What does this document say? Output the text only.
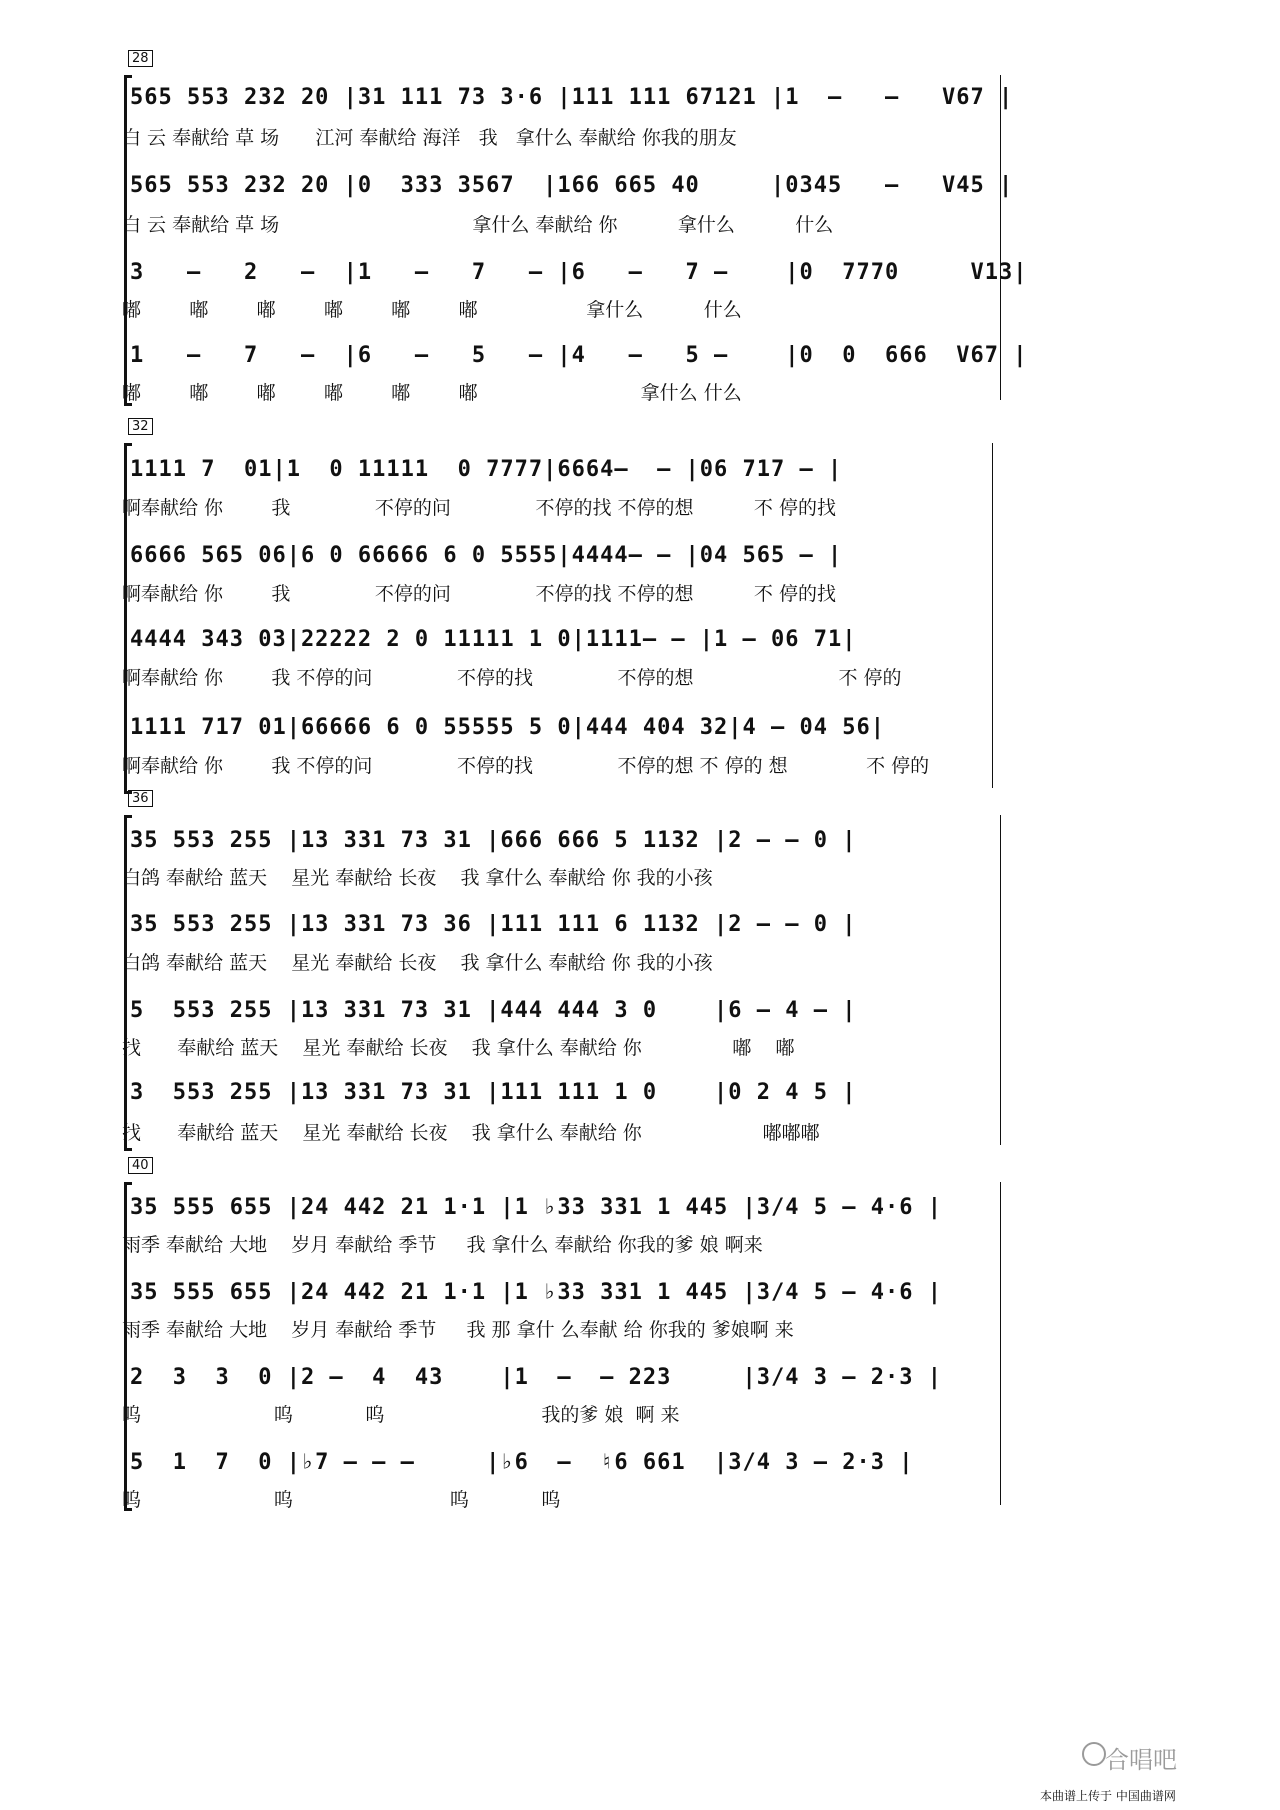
28
565 553 232 20 |31 111 73 3·6 |111 111 67121 |1  –   –   V67 |
白 云 奉献给 草 场      江河 奉献给 海洋   我   拿什么 奉献给 你我的朋友
565 553 232 20 |0  333 3567  |166 665 40     |0345   –   V45 |
白 云 奉献给 草 场                                拿什么 奉献给 你          拿什么          什么
3   –   2   –  |1   –   7   – |6   –   7 –    |0  7770     V13|
嘟        嘟        嘟        嘟        嘟        嘟                  拿什么          什么
1   –   7   –  |6   –   5   – |4   –   5 –    |0  0  666  V67 |
嘟        嘟        嘟        嘟        嘟        嘟                           拿什么 什么
32
1111 7  01|1  0 11111  0 7777|6664–  – |06 717 – |
啊奉献给 你        我              不停的问              不停的找 不停的想          不 停的找
6666 565 06|6 0 66666 6 0 5555|4444– – |04 565 – |
啊奉献给 你        我              不停的问              不停的找 不停的想          不 停的找
4444 343 03|22222 2 0 11111 1 0|1111– – |1 – 06 71|
啊奉献给 你        我 不停的问              不停的找              不停的想                        不 停的
1111 717 01|66666 6 0 55555 5 0|444 404 32|4 – 04 56|
啊奉献给 你        我 不停的问              不停的找              不停的想 不 停的 想             不 停的
36
35 553 255 |13 331 73 31 |666 666 5 1132 |2 – – 0 |
白鸽 奉献给 蓝天    星光 奉献给 长夜    我 拿什么 奉献给 你 我的小孩
35 553 255 |13 331 73 36 |111 111 6 1132 |2 – – 0 |
白鸽 奉献给 蓝天    星光 奉献给 长夜    我 拿什么 奉献给 你 我的小孩
5  553 255 |13 331 73 31 |444 444 3 0    |6 – 4 – |
找      奉献给 蓝天    星光 奉献给 长夜    我 拿什么 奉献给 你               嘟    嘟
3  553 255 |13 331 73 31 |111 111 1 0    |0 2 4 5 |
找      奉献给 蓝天    星光 奉献给 长夜    我 拿什么 奉献给 你                    嘟嘟嘟
40
35 555 655 |24 442 21 1·1 |1 ♭33 331 1 445 |3/4 5 – 4·6 |
雨季 奉献给 大地    岁月 奉献给 季节     我 拿什么 奉献给 你我的爹 娘 啊来
35 555 655 |24 442 21 1·1 |1 ♭33 331 1 445 |3/4 5 – 4·6 |
雨季 奉献给 大地    岁月 奉献给 季节     我 那 拿什 么奉献 给 你我的 爹娘啊 来
2  3  3  0 |2 –  4  43    |1  –  – 223     |3/4 3 – 2·3 |
呜                      呜            呜                          我的爹 娘  啊 来
5  1  7  0 |♭7 – – –     |♭6  –  ♮6 661  |3/4 3 – 2·3 |
呜                      呜                          呜            呜
合唱吧
本曲谱上传于 中国曲谱网
